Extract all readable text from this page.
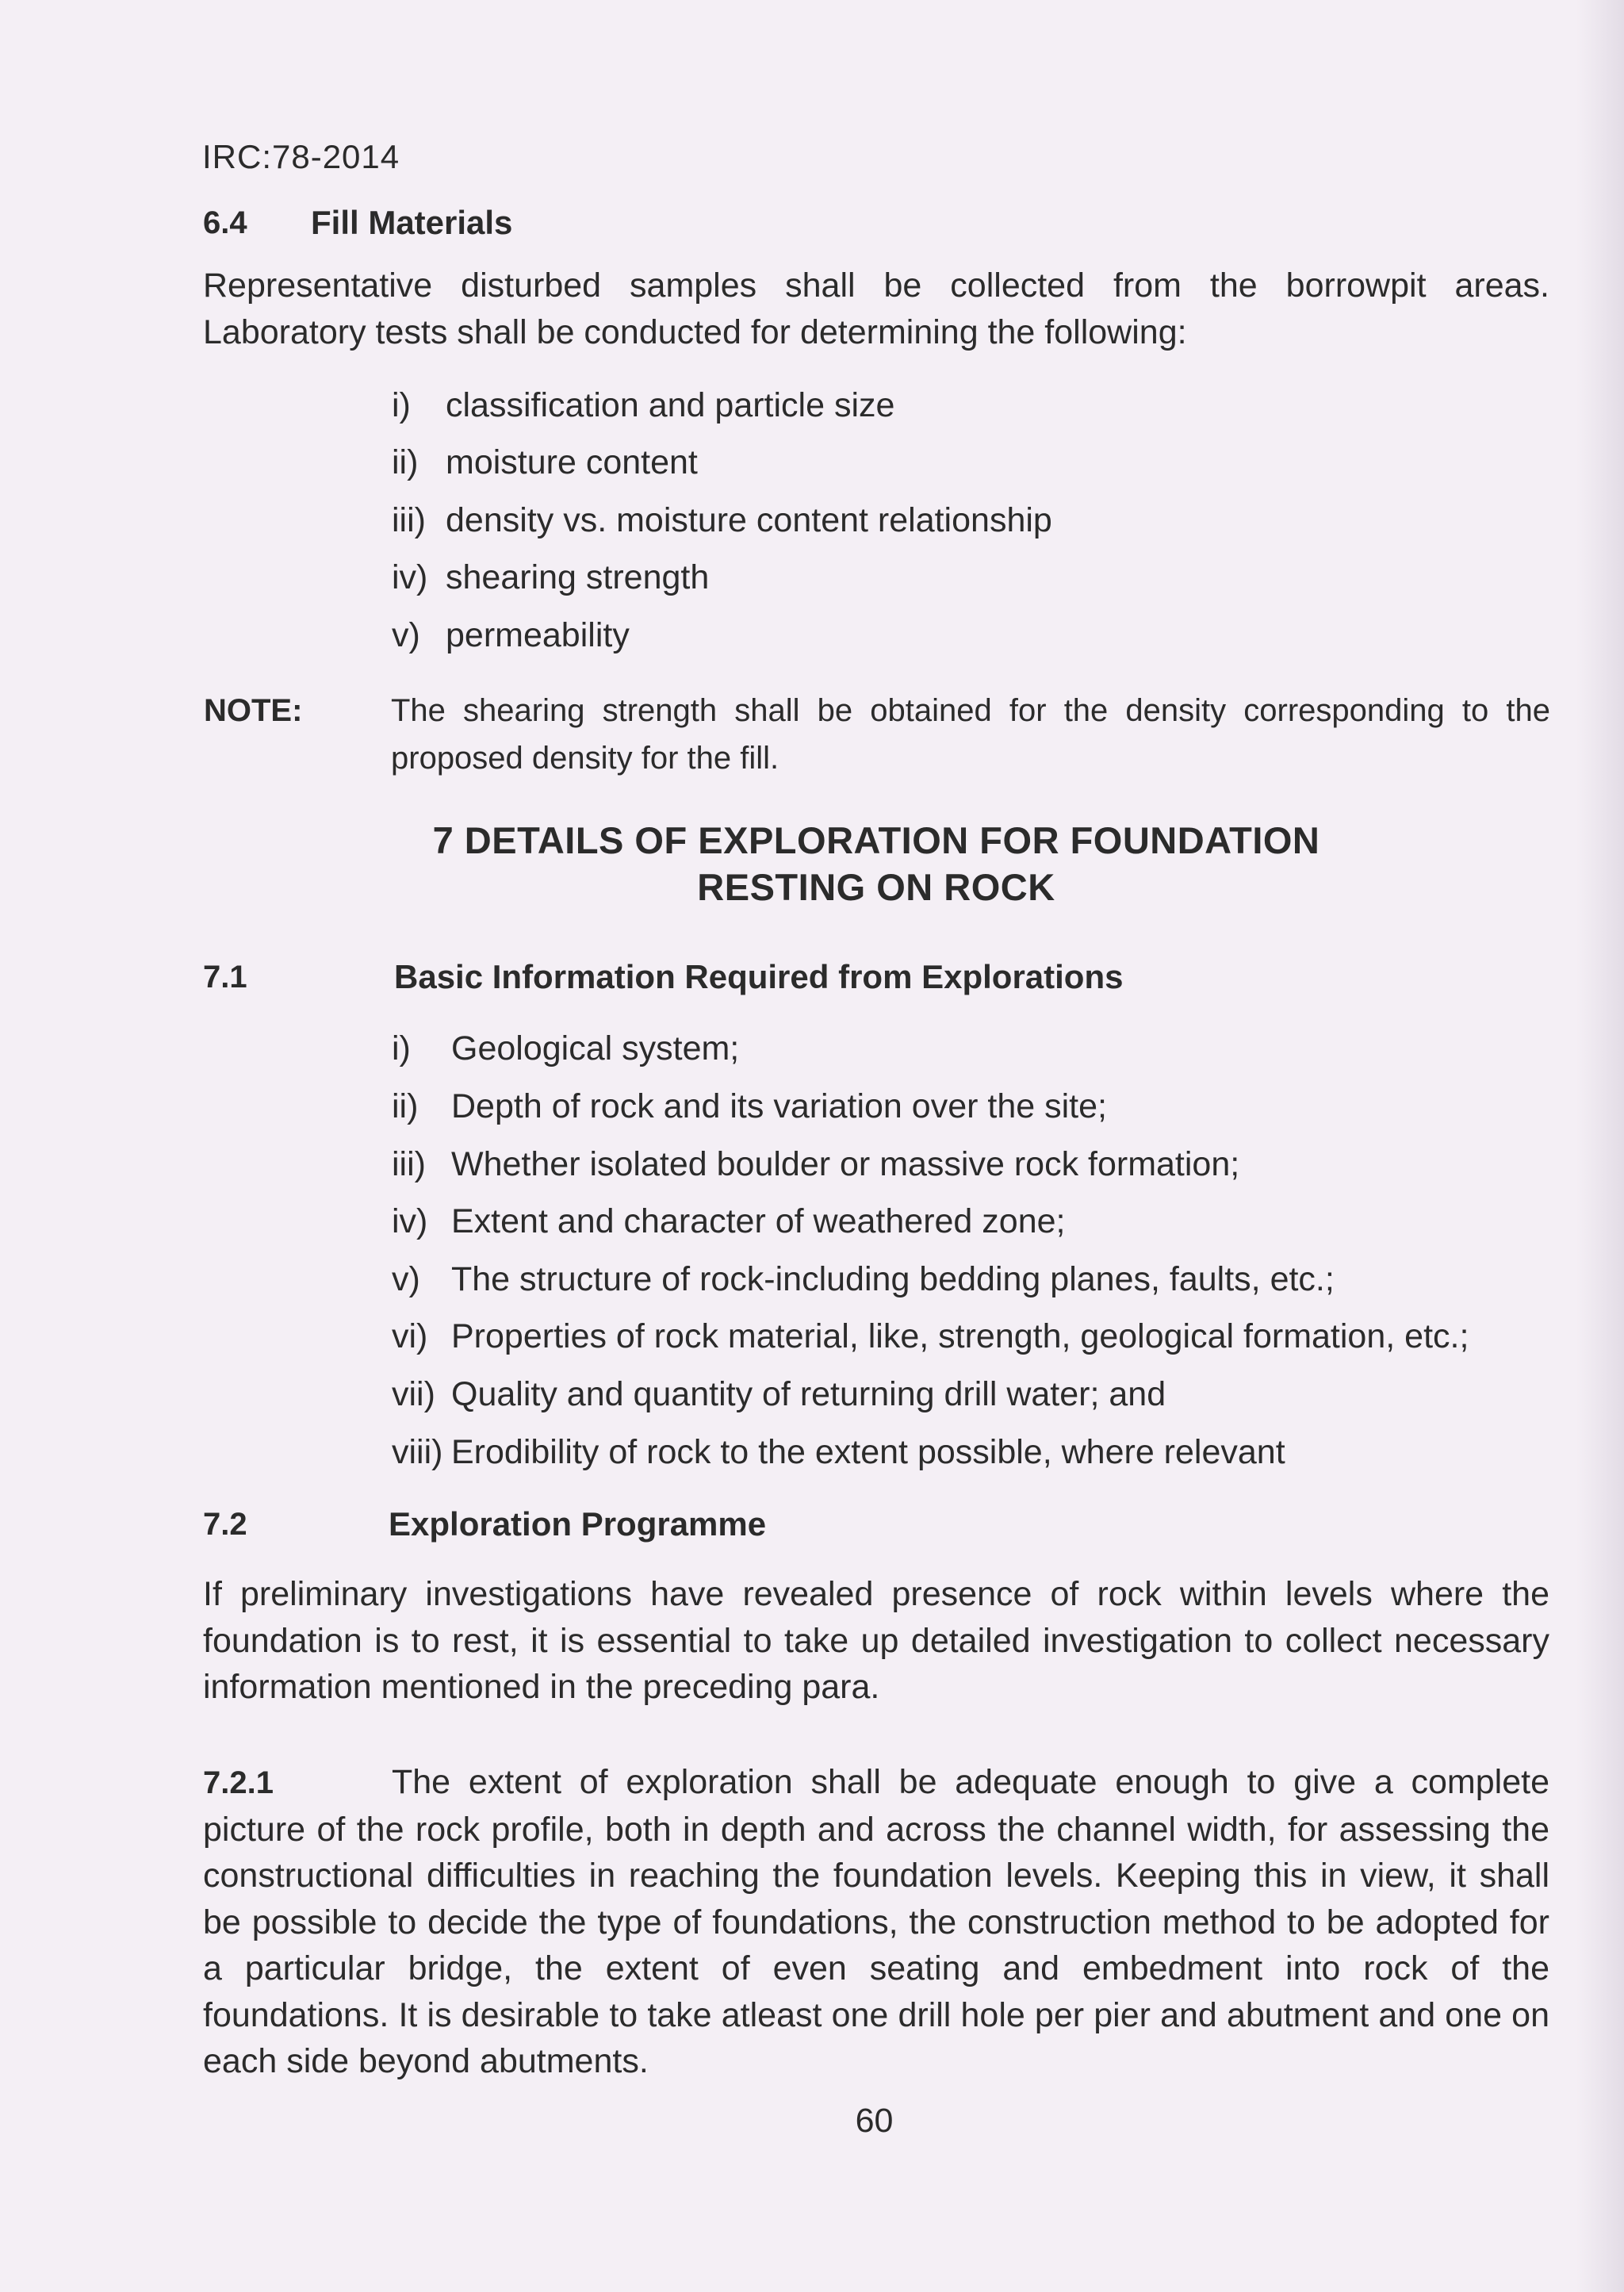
IRC:78-2014
6.4 Fill Materials
Representative disturbed samples shall be collected from the borrowpit areas. Laboratory tests shall be conducted for determining the following:
i) classification and particle size
ii) moisture content
iii) density vs. moisture content relationship
iv) shearing strength
v) permeability
NOTE:	The shearing strength shall be obtained for the density corresponding to the proposed density for the fill.
7 DETAILS OF EXPLORATION FOR FOUNDATION
RESTING ON ROCK
7.1	Basic Information Required from Explorations
i) Geological system;
ii) Depth of rock and its variation over the site;
iii) Whether isolated boulder or massive rock formation;
iv) Extent and character of weathered zone;
v) The structure of rock-including bedding planes, faults, etc.;
vi) Properties of rock material, like, strength, geological formation, etc.;
vii) Quality and quantity of returning drill water; and
viii) Erodibility of rock to the extent possible, where relevant
7.2	Exploration Programme
If preliminary investigations have revealed presence of rock within levels where the foundation is to rest, it is essential to take up detailed investigation to collect necessary information mentioned in the preceding para.
7.2.1	The extent of exploration shall be adequate enough to give a complete picture of the rock profile, both in depth and across the channel width, for assessing the constructional difficulties in reaching the foundation levels. Keeping this in view, it shall be possible to decide the type of foundations, the construction method to be adopted for a particular bridge, the extent of even seating and embedment into rock of the foundations. It is desirable to take atleast one drill hole per pier and abutment and one on each side beyond abutments.
60
